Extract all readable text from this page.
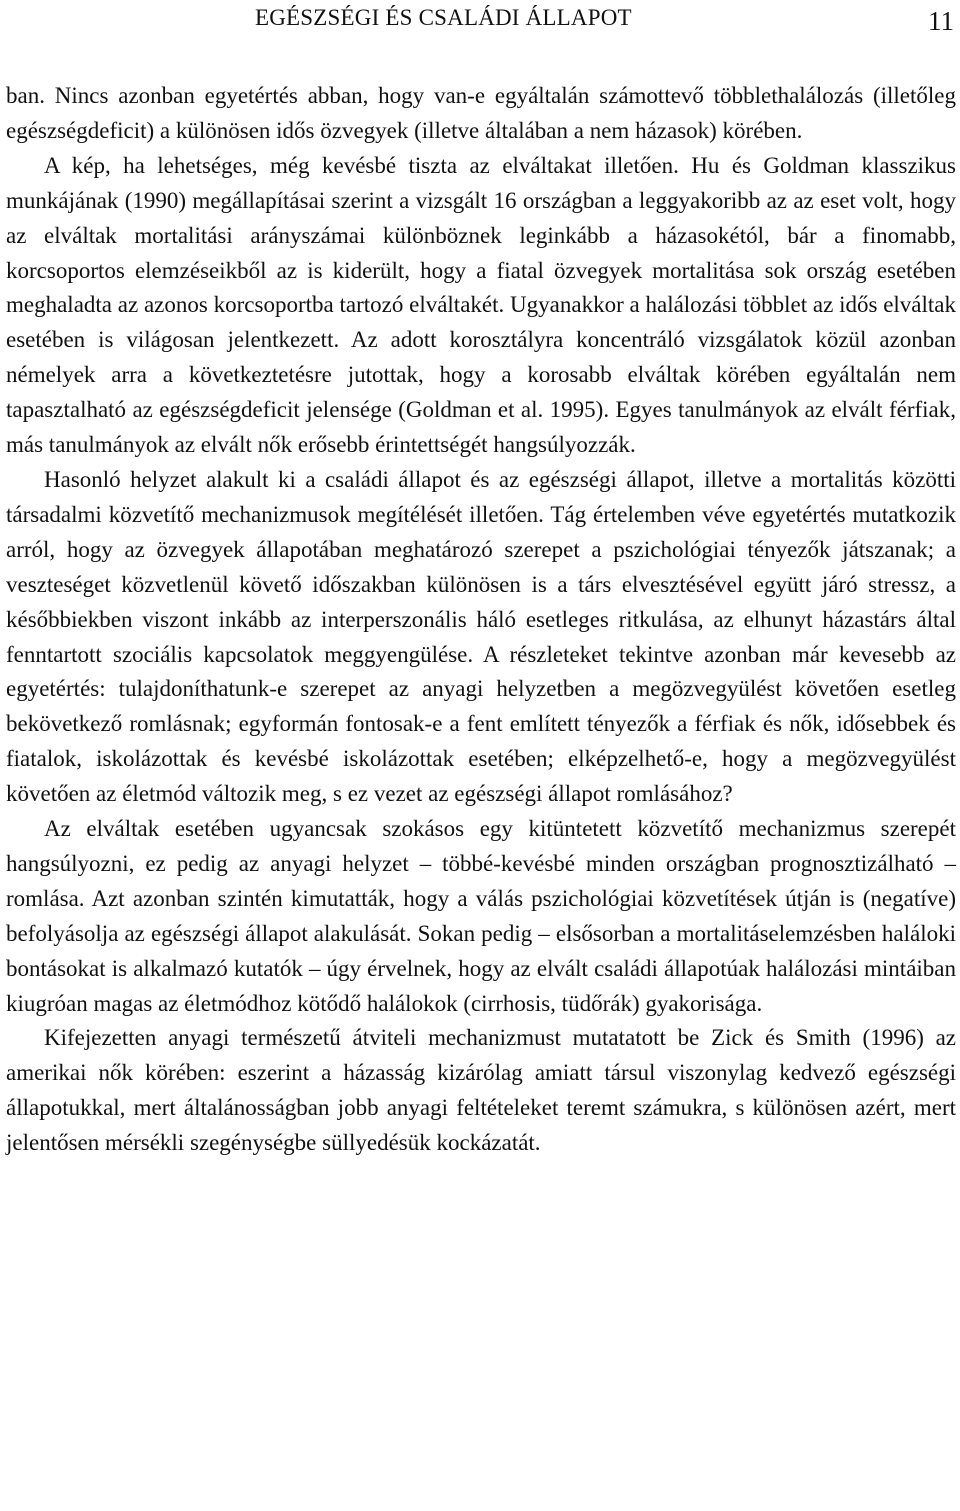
EGÉSZSÉGI ÉS CSALÁDI ÁLLAPOT	11

ban. Nincs azonban egyetértés abban, hogy van-e egyáltalán számottevő többlethalálozás (illetőleg egészségdeficit) a különösen idős özvegyek (illetve általában a nem házasok) körében.

A kép, ha lehetséges, még kevésbé tiszta az elváltakat illetően. Hu és Goldman klasszikus munkájának (1990) megállapításai szerint a vizsgált 16 országban a leggyakoribb az az eset volt, hogy az elváltak mortalitási arányszámai különböznek leginkább a házasokétól, bár a finomabb, korcsoportos elemzéseikből az is kiderült, hogy a fiatal özvegyek mortalitása sok ország esetében meghaladta az azonos korcsoportba tartozó elváltakét. Ugyanakkor a halálozási többlet az idős elváltak esetében is világosan jelentkezett. Az adott korosztályra koncentráló vizsgálatok közül azonban némelyek arra a következtetésre jutottak, hogy a korosabb elváltak körében egyáltalán nem tapasztalható az egészségdeficit jelensége (Goldman et al. 1995). Egyes tanulmányok az elvált férfiak, más tanulmányok az elvált nők erősebb érintettségét hangsúlyozzák.

Hasonló helyzet alakult ki a családi állapot és az egészségi állapot, illetve a mortalitás közötti társadalmi közvetítő mechanizmusok megítélését illetően. Tág értelemben véve egyetértés mutatkozik arról, hogy az özvegyek állapotában meghatározó szerepet a pszichológiai tényezők játszanak; a veszteséget közvetlenül követő időszakban különösen is a társ elvesztésével együtt járó stressz, a későbbiekben viszont inkább az interperszonális háló esetleges ritkulása, az elhunyt házastárs által fenntartott szociális kapcsolatok meggyengülése. A részleteket tekintve azonban már kevesebb az egyetértés: tulajdoníthatunk-e szerepet az anyagi helyzetben a megözvegyülést követően esetleg bekövetkező romlásnak; egyformán fontosak-e a fent említett tényezők a férfiak és nők, idősebbek és fiatalok, iskolázottak és kevésbé iskolázottak esetében; elképzelhető-e, hogy a megözvegyülést követően az életmód változik meg, s ez vezet az egészségi állapot romlásához?

Az elváltak esetében ugyancsak szokásos egy kitüntetett közvetítő mechanizmus szerepét hangsúlyozni, ez pedig az anyagi helyzet – többé-kevésbé minden országban prognosztizálható – romlása. Azt azonban szintén kimutatták, hogy a válás pszichológiai közvetítések útján is (negatíve) befolyásolja az egészségi állapot alakulását. Sokan pedig – elsősorban a mortalitáselemzésben haláloki bontásokat is alkalmazó kutatók – úgy érvelnek, hogy az elvált családi állapotúak halálozási mintáiban kiugróan magas az életmódhoz kötődő halálokok (cirrhosis, tüdőrák) gyakorisága.

Kifejezetten anyagi természetű átviteli mechanizmust mutatatott be Zick és Smith (1996) az amerikai nők körében: eszerint a házasság kizárólag amiatt társul viszonylag kedvező egészségi állapotukkal, mert általánosságban jobb anyagi feltételeket teremt számukra, s különösen azért, mert jelentősen mérsékli szegénységbe süllyedésük kockázatát.
